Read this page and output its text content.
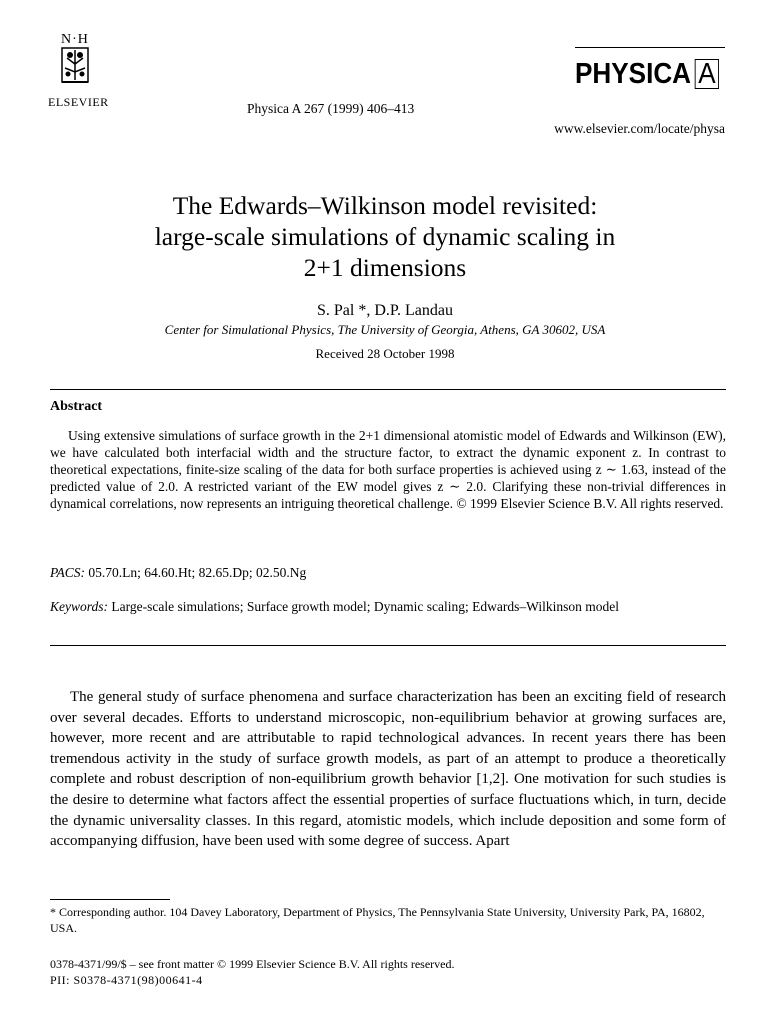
N·H
ELSEVIER	Physica A 267 (1999) 406–413
PHYSICA A
www.elsevier.com/locate/physa
The Edwards–Wilkinson model revisited:
large-scale simulations of dynamic scaling in
2+1 dimensions
S. Pal *, D.P. Landau
Center for Simulational Physics, The University of Georgia, Athens, GA 30602, USA
Received 28 October 1998
Abstract

Using extensive simulations of surface growth in the 2+1 dimensional atomistic model of Edwards and Wilkinson (EW), we have calculated both interfacial width and the structure factor, to extract the dynamic exponent z. In contrast to theoretical expectations, finite-size scaling of the data for both surface properties is achieved using z ∼ 1.63, instead of the predicted value of 2.0. A restricted variant of the EW model gives z ∼ 2.0. Clarifying these non-trivial differences in dynamical correlations, now represents an intriguing theoretical challenge. © 1999 Elsevier Science B.V. All rights reserved.

PACS: 05.70.Ln; 64.60.Ht; 82.65.Dp; 02.50.Ng
Keywords: Large-scale simulations; Surface growth model; Dynamic scaling; Edwards–Wilkinson model

The general study of surface phenomena and surface characterization has been an exciting field of research over several decades. Efforts to understand microscopic, non-equilibrium behavior at growing surfaces are, however, more recent and are attributable to rapid technological advances. In recent years there has been tremendous activity in the study of surface growth models, as part of an attempt to produce a theoretically complete and robust description of non-equilibrium growth behavior [1,2]. One motivation for such studies is the desire to determine what factors affect the essential properties of surface fluctuations which, in turn, decide the dynamic universality classes. In this regard, atomistic models, which include deposition and some form of accompanying diffusion, have been used with some degree of success. Apart

* Corresponding author. 104 Davey Laboratory, Department of Physics, The Pennsylvania State University, University Park, PA, 16802, USA.
0378-4371/99/$ – see front matter © 1999 Elsevier Science B.V. All rights reserved.
PII: S0378-4371(98)00641-4
